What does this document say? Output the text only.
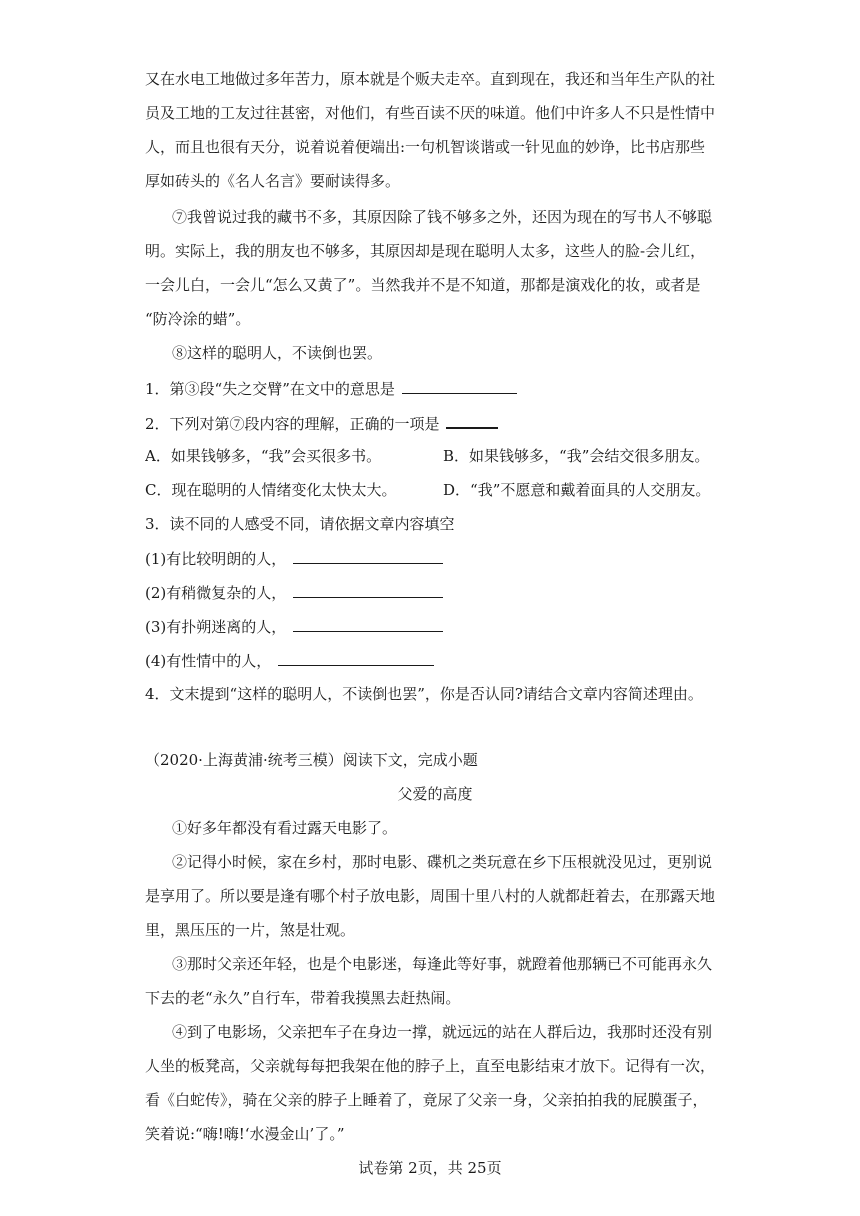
又在水电工地做过多年苦力，原本就是个贩夫走卒。直到现在，我还和当年生产队的社
员及工地的工友过往甚密，对他们，有些百读不厌的味道。他们中许多人不只是性情中
人，而且也很有天分，说着说着便端出:一句机智谈谐或一针见血的妙诤，比书店那些
厚如砖头的《名人名言》要耐读得多。
⑦我曾说过我的藏书不多，其原因除了钱不够多之外，还因为现在的写书人不够聪
明。实际上，我的朋友也不够多，其原因却是现在聪明人太多，这些人的脸-会儿红，
一会儿白，一会儿“怎么又黄了”。当然我并不是不知道，那都是演戏化的妆，或者是
“防冷涂的蜡”。
⑧这样的聪明人，不读倒也罢。
1．第③段“失之交臂”在文中的意思是
2．下列对第⑦段内容的理解，正确的一项是
A．如果钱够多，“我”会买很多书。	B．如果钱够多，“我”会结交很多朋友。
C．现在聪明的人情绪变化太快太大。	D．“我”不愿意和戴着面具的人交朋友。
3．读不同的人感受不同，请依据文章内容填空
(1)有比较明朗的人，
(2)有稍微复杂的人，
(3)有扑朔迷离的人，
(4)有性情中的人，
4．文末提到“这样的聪明人，不读倒也罢”，你是否认同?请结合文章内容简述理由。
（2020·上海黄浦·统考三模）阅读下文，完成小题
父爱的高度
①好多年都没有看过露天电影了。
②记得小时候，家在乡村，那时电影、碟机之类玩意在乡下压根就没见过，更别说
是享用了。所以要是逢有哪个村子放电影，周围十里八村的人就都赶着去，在那露天地
里，黑压压的一片，煞是壮观。
③那时父亲还年轻，也是个电影迷，每逢此等好事，就蹬着他那辆已不可能再永久
下去的老“永久”自行车，带着我摸黑去赶热闹。
④到了电影场，父亲把车子在身边一撑，就远远的站在人群后边，我那时还没有别
人坐的板凳高，父亲就每每把我架在他的脖子上，直至电影结束才放下。记得有一次，
看《白蛇传》，骑在父亲的脖子上睡着了，竟尿了父亲一身，父亲拍拍我的屁膜蛋子，
笑着说:“嗨!嗨!‘水漫金山’了。”
试卷第 2页，共 25页
